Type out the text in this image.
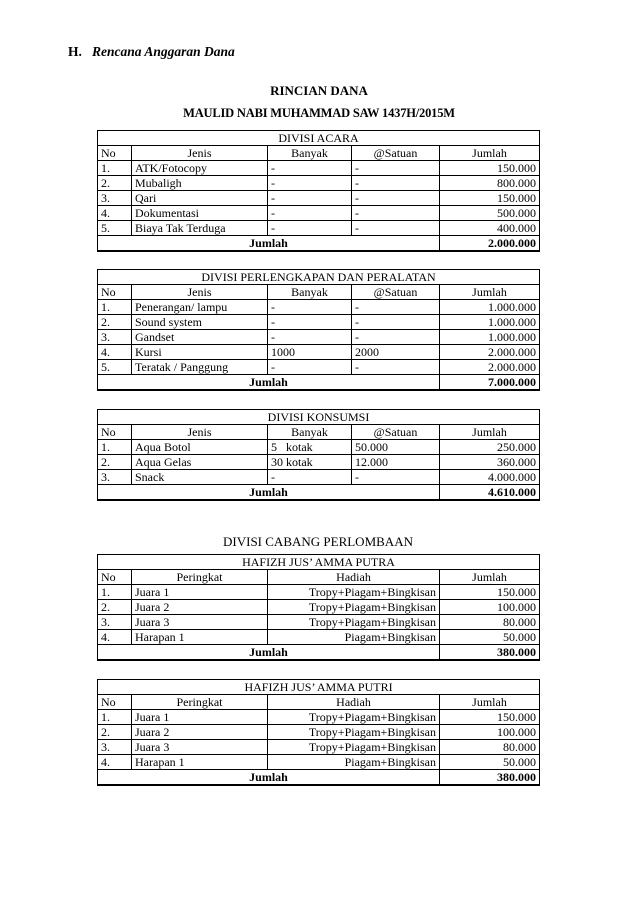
H. Rencana Anggaran Dana
RINCIAN DANA
MAULID NABI MUHAMMAD SAW 1437H/2015M
DIVISI ACARA				
No	Jenis	Banyak	@Satuan	Jumlah
1.	ATK/Fotocopy	-	-	150.000
2.	Mubaligh	-	-	800.000
3.	Qari	-	-	150.000
4.	Dokumentasi	-	-	500.000
5.	Biaya Tak Terduga	-	-	400.000
Jumlah				2.000.000
DIVISI PERLENGKAPAN DAN PERALATAN				
No	Jenis	Banyak	@Satuan	Jumlah
1.	Penerangan/ lampu	-	-	1.000.000
2.	Sound system	-	-	1.000.000
3.	Gandset	-	-	1.000.000
4.	Kursi	1000	2000	2.000.000
5.	Teratak / Panggung	-	-	2.000.000
Jumlah				7.000.000
DIVISI KONSUMSI				
No	Jenis	Banyak	@Satuan	Jumlah
1.	Aqua Botol	5   kotak	50.000	250.000
2.	Aqua Gelas	30 kotak	12.000	360.000
3.	Snack	-	-	4.000.000
Jumlah				4.610.000
DIVISI CABANG PERLOMBAAN
HAFIZH JUS’ AMMA PUTRA			
No	Peringkat	Hadiah	Jumlah
1.	Juara 1	Tropy+Piagam+Bingkisan	150.000
2.	Juara 2	Tropy+Piagam+Bingkisan	100.000
3.	Juara 3	Tropy+Piagam+Bingkisan	80.000
4.	Harapan 1	Piagam+Bingkisan	50.000
Jumlah			380.000
HAFIZH JUS’ AMMA PUTRI			
No	Peringkat	Hadiah	Jumlah
1.	Juara 1	Tropy+Piagam+Bingkisan	150.000
2.	Juara 2	Tropy+Piagam+Bingkisan	100.000
3.	Juara 3	Tropy+Piagam+Bingkisan	80.000
4.	Harapan 1	Piagam+Bingkisan	50.000
Jumlah			380.000
